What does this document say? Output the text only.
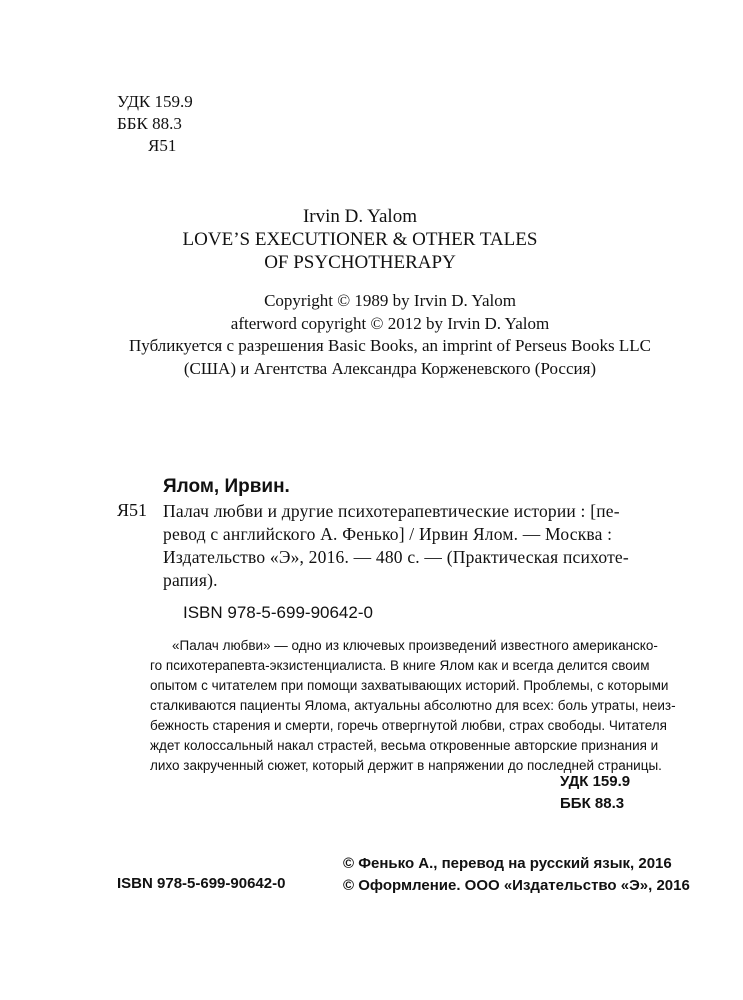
УДК 159.9
ББК 88.3
Я51
Irvin D. Yalom
LOVE’S EXECUTIONER & OTHER TALES
OF PSYCHOTHERAPY
Copyright © 1989 by Irvin D. Yalom
afterword copyright © 2012 by Irvin D. Yalom
Публикуется с разрешения Basic Books, an imprint of Perseus Books LLC
(США) и Агентства Александра Корженевского (Россия)
Ялом, Ирвин.
Я51 Палач любви и другие психотерапевтические истории : [пе-
ревод с английского А. Фенько] / Ирвин Ялом. — Москва :
Издательство «Э», 2016. — 480 с. — (Практическая психоте-
рапия).
ISBN 978-5-699-90642-0
«Палач любви» — одно из ключевых произведений известного американско-
го психотерапевта-экзистенциалиста. В книге Ялом как и всегда делится своим
опытом с читателем при помощи захватывающих историй. Проблемы, с которыми
сталкиваются пациенты Ялома, актуальны абсолютно для всех: боль утраты, неиз-
бежность старения и смерти, горечь отвергнутой любви, страх свободы. Читателя
ждет колоссальный накал страстей, весьма откровенные авторские признания и
лихо закрученный сюжет, который держит в напряжении до последней страницы.
УДК 159.9
ББК 88.3
© Фенько А., перевод на русский язык, 2016
© Оформление. ООО «Издательство «Э», 2016
ISBN 978-5-699-90642-0
